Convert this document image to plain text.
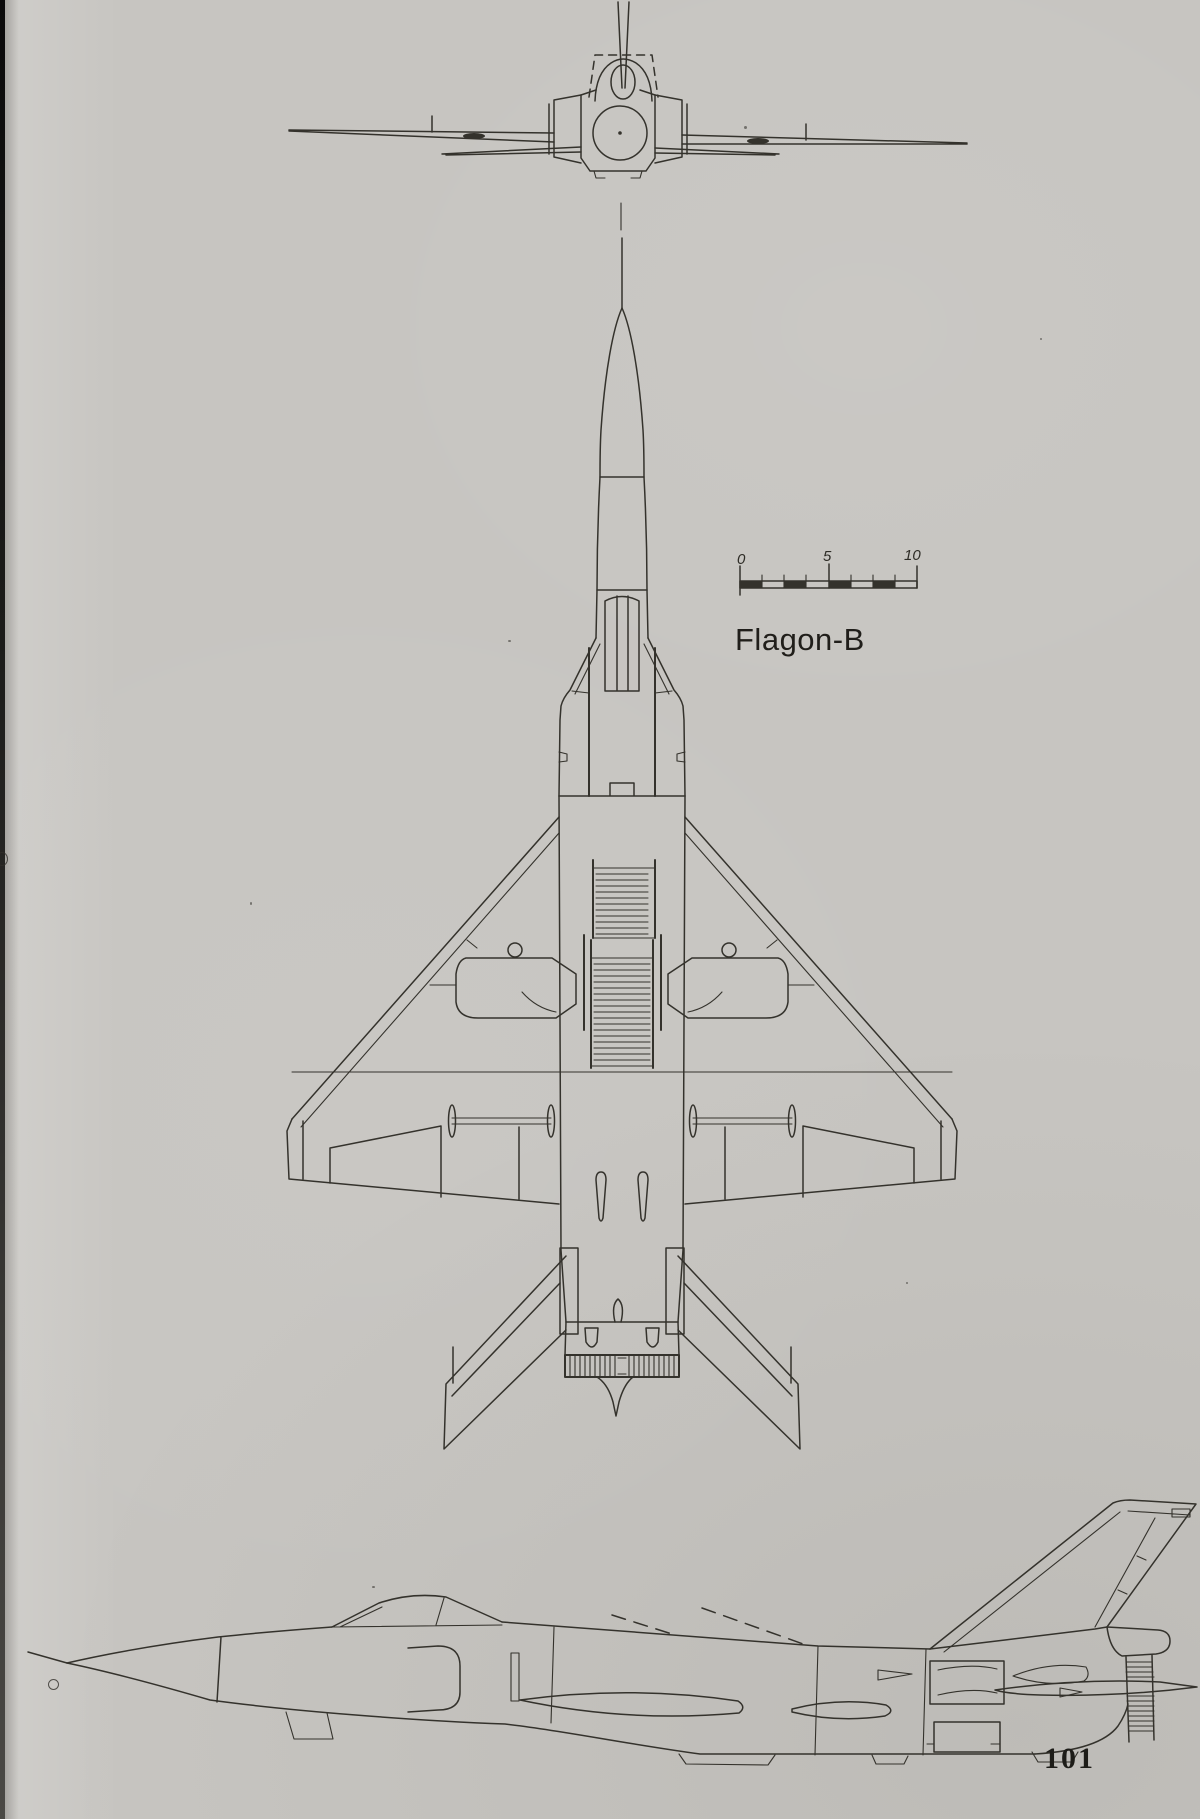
0	5	10
Flagon-B
101
